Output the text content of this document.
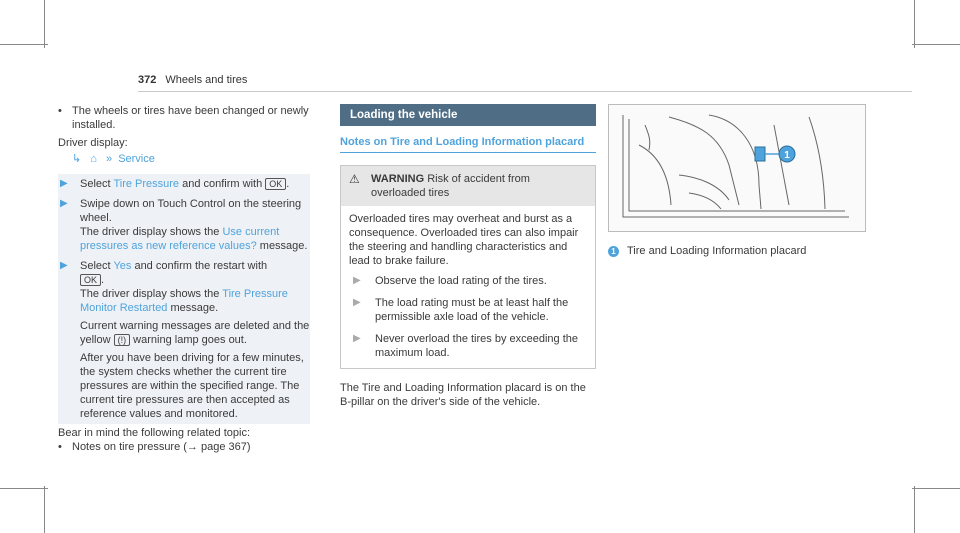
372 Wheels and tires
• The wheels or tires have been changed or newly installed.
Driver display:
↳ ⌂ » Service
▶	Select Tire Pressure and confirm with OK .
▶	Swipe down on Touch Control on the steering wheel.
The driver display shows the Use current pressures as new reference values? message.
▶	Select Yes and confirm the restart with
OK .
The driver display shows the Tire Pressure Monitor Restarted message.
Current warning messages are deleted and the yellow (!) warning lamp goes out.
After you have been driving for a few minutes, the system checks whether the current tire pressures are within the specified range. The current tire pressures are then accepted as reference values and monitored.
Bear in mind the following related topic:
• Notes on tire pressure (→ page 367)
Loading the vehicle
Notes on Tire and Loading Information placard
⚠	WARNING Risk of accident from overloaded tires
Overloaded tires may overheat and burst as a consequence. Overloaded tires can also impair the steering and handling characteristics and lead to brake failure.
▶	Observe the load rating of the tires.
▶	The load rating must be at least half the permissible axle load of the vehicle.
▶	Never overload the tires by exceeding the maximum load.
The Tire and Loading Information placard is on the B-pillar on the driver's side of the vehicle.
1
1 Tire and Loading Information placard
